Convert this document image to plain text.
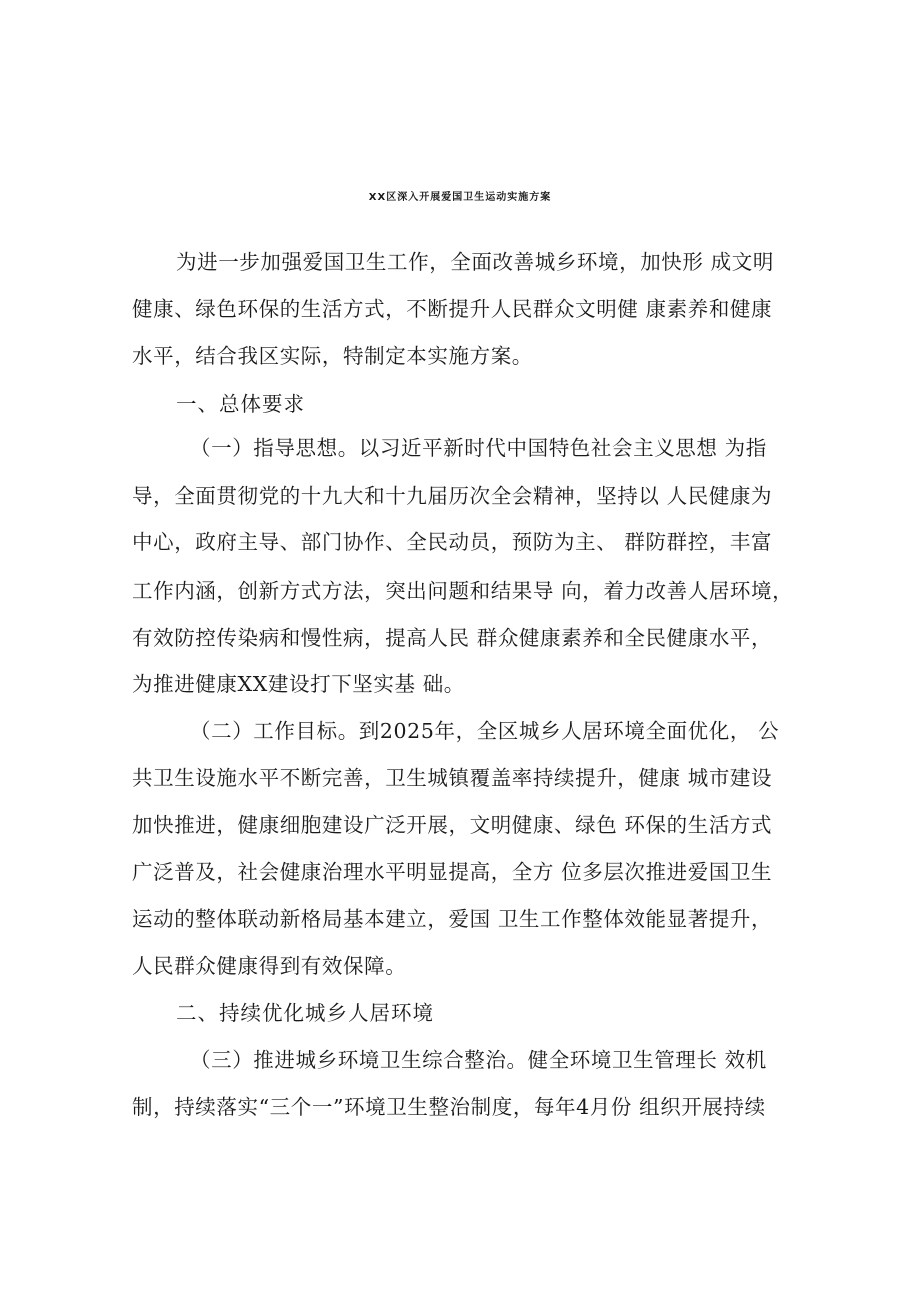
XX区深入开展爱国卫生运动实施方案
为进一步加强爱国卫生工作，全面改善城乡环境，加快形 成文明
健康、绿色环保的生活方式，不断提升人民群众文明健 康素养和健康
水平，结合我区实际，特制定本实施方案。
一、总体要求
（一）指导思想。以习近平新时代中国特色社会主义思想 为指
导，全面贯彻党的十九大和十九届历次全会精神，坚持以 人民健康为
中心，政府主导、部门协作、全民动员，预防为主、 群防群控，丰富
工作内涵，创新方式方法，突出问题和结果导 向，着力改善人居环境，
有效防控传染病和慢性病，提高人民 群众健康素养和全民健康水平，
为推进健康XX建设打下坚实基 础。
（二）工作目标。到2025年，全区城乡人居环境全面优化， 公
共卫生设施水平不断完善，卫生城镇覆盖率持续提升，健康 城市建设
加快推进，健康细胞建设广泛开展，文明健康、绿色 环保的生活方式
广泛普及，社会健康治理水平明显提高，全方 位多层次推进爱国卫生
运动的整体联动新格局基本建立，爱国 卫生工作整体效能显著提升，
人民群众健康得到有效保障。
二、持续优化城乡人居环境
（三）推进城乡环境卫生综合整治。健全环境卫生管理长 效机
制，持续落实“三个一”环境卫生整治制度，每年4月份 组织开展持续
